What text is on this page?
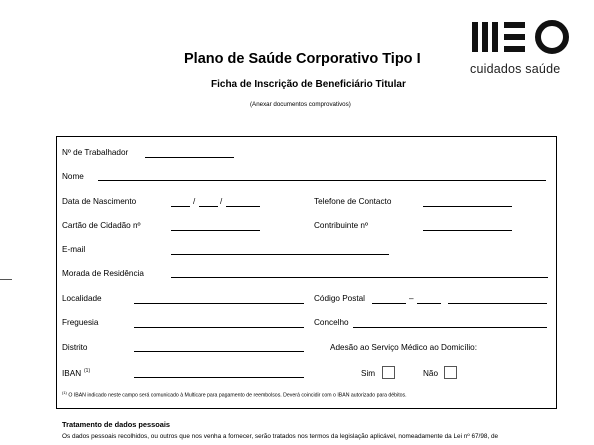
Plano de Saúde Corporativo Tipo I
Ficha de Inscrição de Beneficiário Titular
(Anexar documentos comprovativos)
cuidados saúde
Nº de Trabalhador
Nome
Data de Nascimento	/	/	Telefone de Contacto
Cartão de Cidadão nº	Contribuinte nº
E-mail
Morada de Residência
Localidade	Código Postal	–
Freguesia	Concelho
Distrito	Adesão ao Serviço Médico ao Domicílio:
IBAN (1)	Sim	Não
$^{(1)}$ O IBAN indicado neste campo será comunicado à Multicare para pagamento de reembolsos. Deverá coincidir com o IBAN autorizado para débitos.
Tratamento de dados pessoais
Os dados pessoais recolhidos, ou outros que nos venha a fornecer, serão tratados nos termos da legislação aplicável, nomeadamente da Lei nº 67/98, de
